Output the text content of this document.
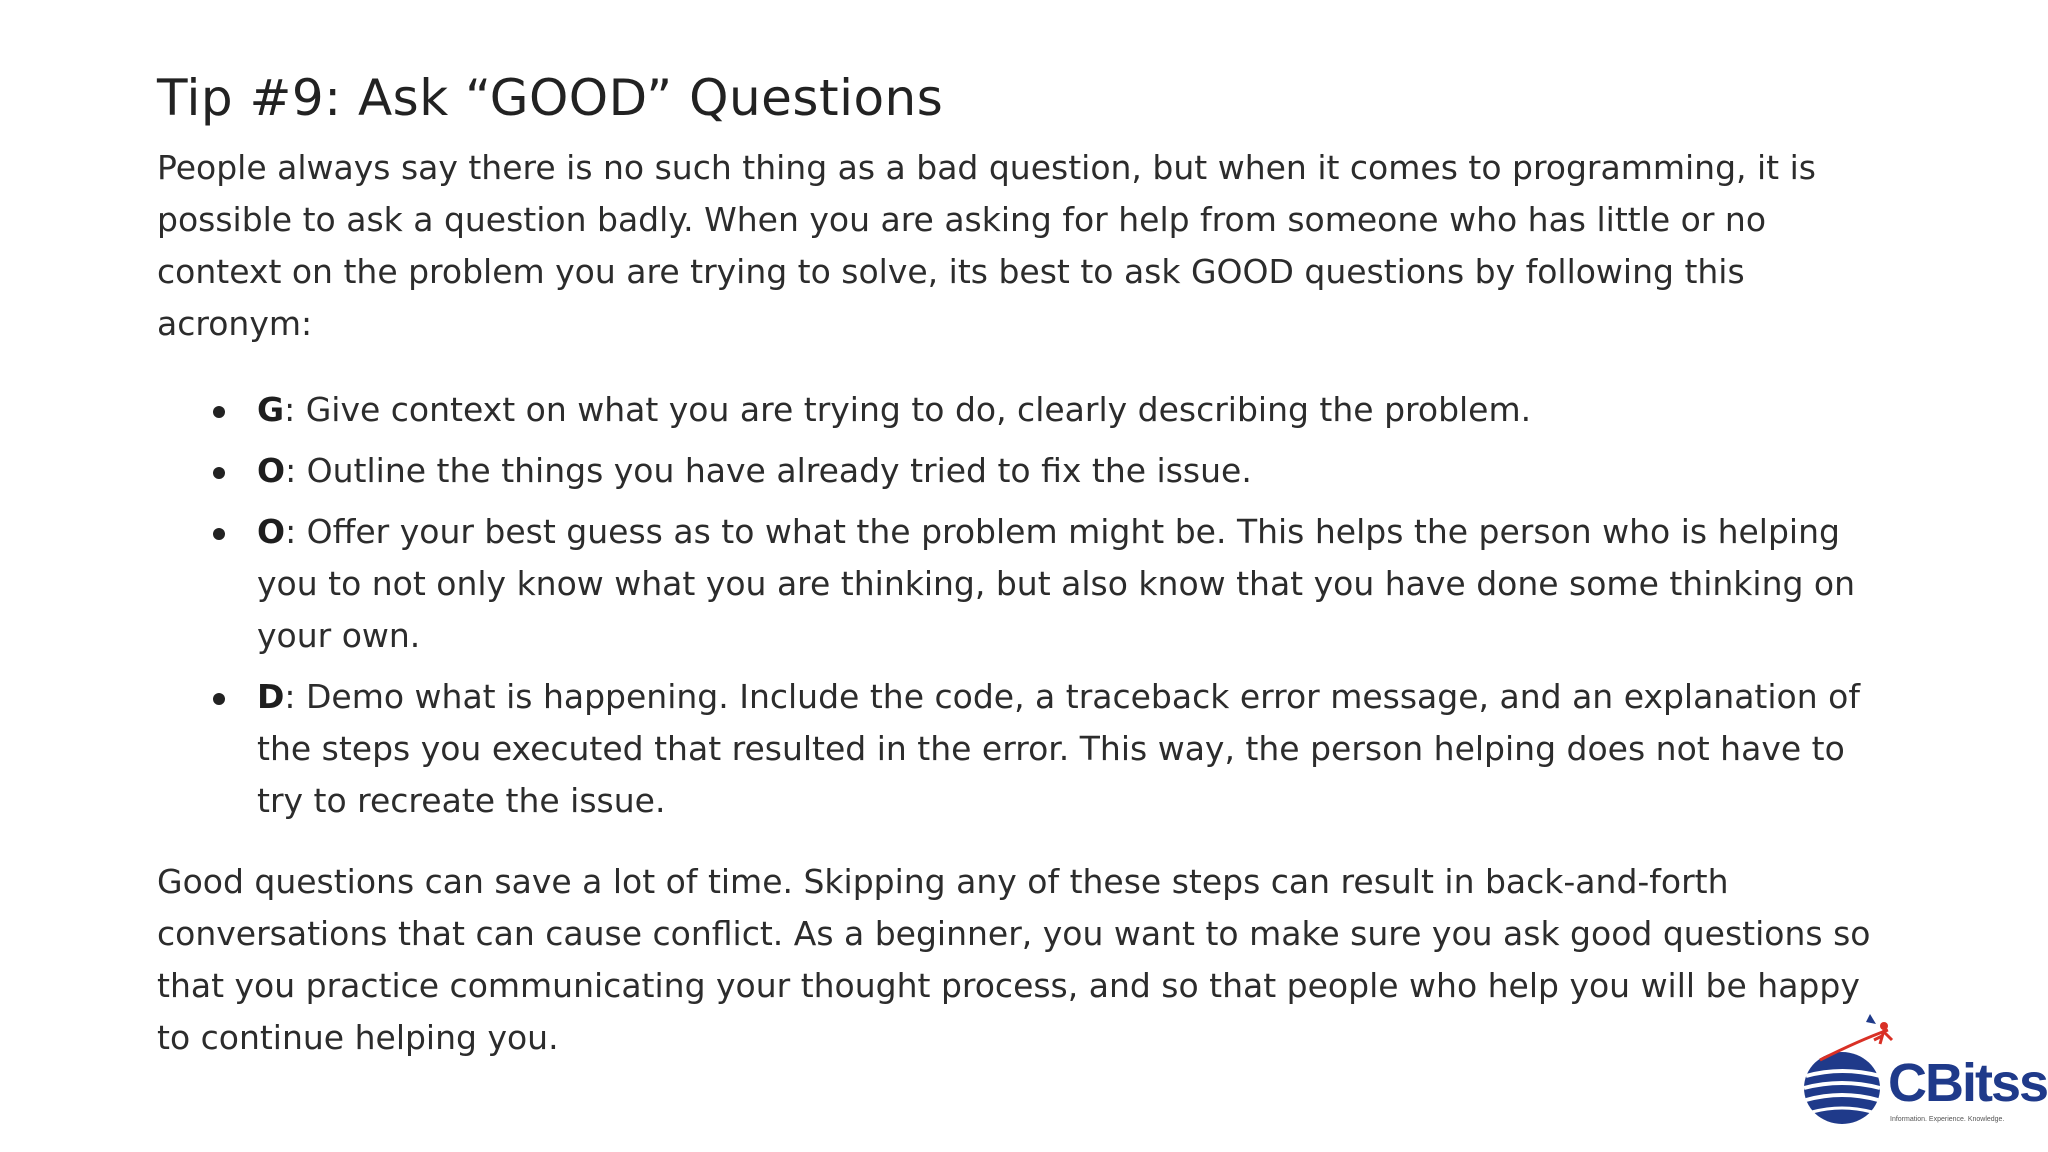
Tip #9: Ask “GOOD” Questions

People always say there is no such thing as a bad question, but when it comes to programming, it is possible to ask a question badly. When you are asking for help from someone who has little or no context on the problem you are trying to solve, its best to ask GOOD questions by following this acronym:

G: Give context on what you are trying to do, clearly describing the problem.
O: Outline the things you have already tried to fix the issue.
O: Offer your best guess as to what the problem might be. This helps the person who is helping you to not only know what you are thinking, but also know that you have done some thinking on your own.
D: Demo what is happening. Include the code, a traceback error message, and an explanation of the steps you executed that resulted in the error. This way, the person helping does not have to try to recreate the issue.

Good questions can save a lot of time. Skipping any of these steps can result in back-and-forth conversations that can cause conflict. As a beginner, you want to make sure you ask good questions so that you practice communicating your thought process, and so that people who help you will be happy to continue helping you.

CBitss
Information. Experience. Knowledge.
